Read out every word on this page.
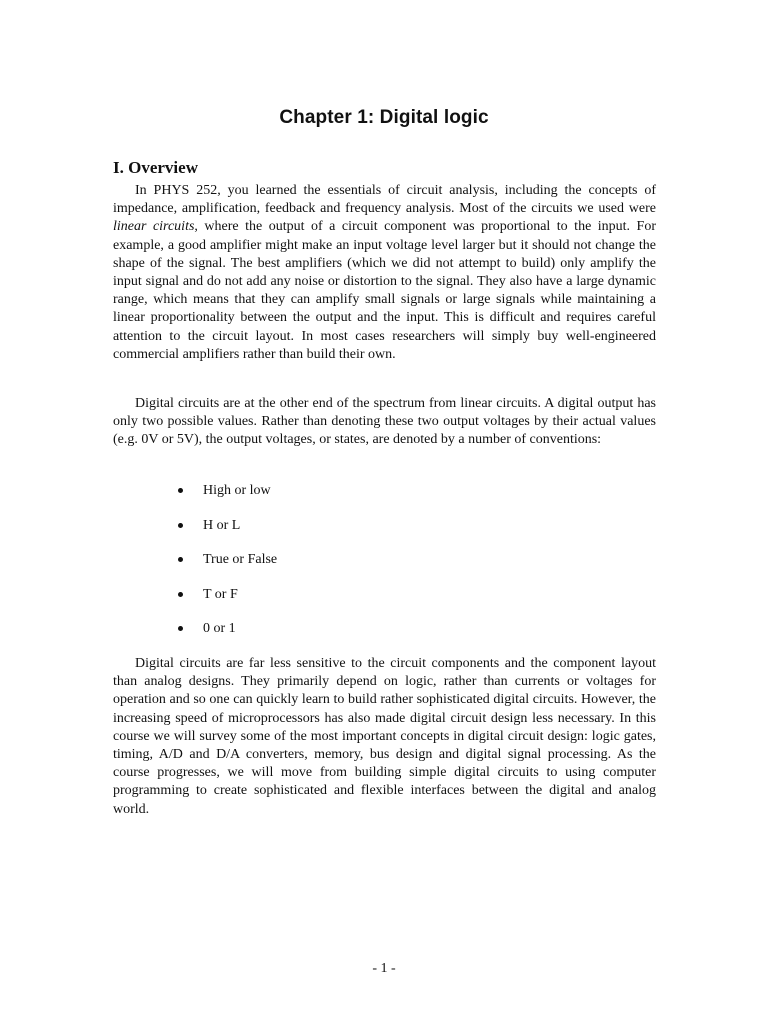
Chapter 1: Digital logic
I. Overview

In PHYS 252, you learned the essentials of circuit analysis, including the concepts of impedance, amplification, feedback and frequency analysis. Most of the circuits we used were linear circuits, where the output of a circuit component was proportional to the input. For example, a good amplifier might make an input voltage level larger but it should not change the shape of the signal. The best amplifiers (which we did not attempt to build) only amplify the input signal and do not add any noise or distortion to the signal. They also have a large dynamic range, which means that they can amplify small signals or large signals while maintaining a linear proportionality between the output and the input. This is difficult and requires careful attention to the circuit layout. In most cases researchers will simply buy well-engineered commercial amplifiers rather than build their own.

Digital circuits are at the other end of the spectrum from linear circuits. A digital output has only two possible values. Rather than denoting these two output voltages by their actual values (e.g. 0V or 5V), the output voltages, or states, are denoted by a number of conventions:

High or low
H or L
True or False
T or F
0 or 1

Digital circuits are far less sensitive to the circuit components and the component layout than analog designs. They primarily depend on logic, rather than currents or voltages for operation and so one can quickly learn to build rather sophisticated digital circuits. However, the increasing speed of microprocessors has also made digital circuit design less necessary. In this course we will survey some of the most important concepts in digital circuit design: logic gates, timing, A/D and D/A converters, memory, bus design and digital signal processing. As the course progresses, we will move from building simple digital circuits to using computer programming to create sophisticated and flexible interfaces between the digital and analog world.

- 1 -
